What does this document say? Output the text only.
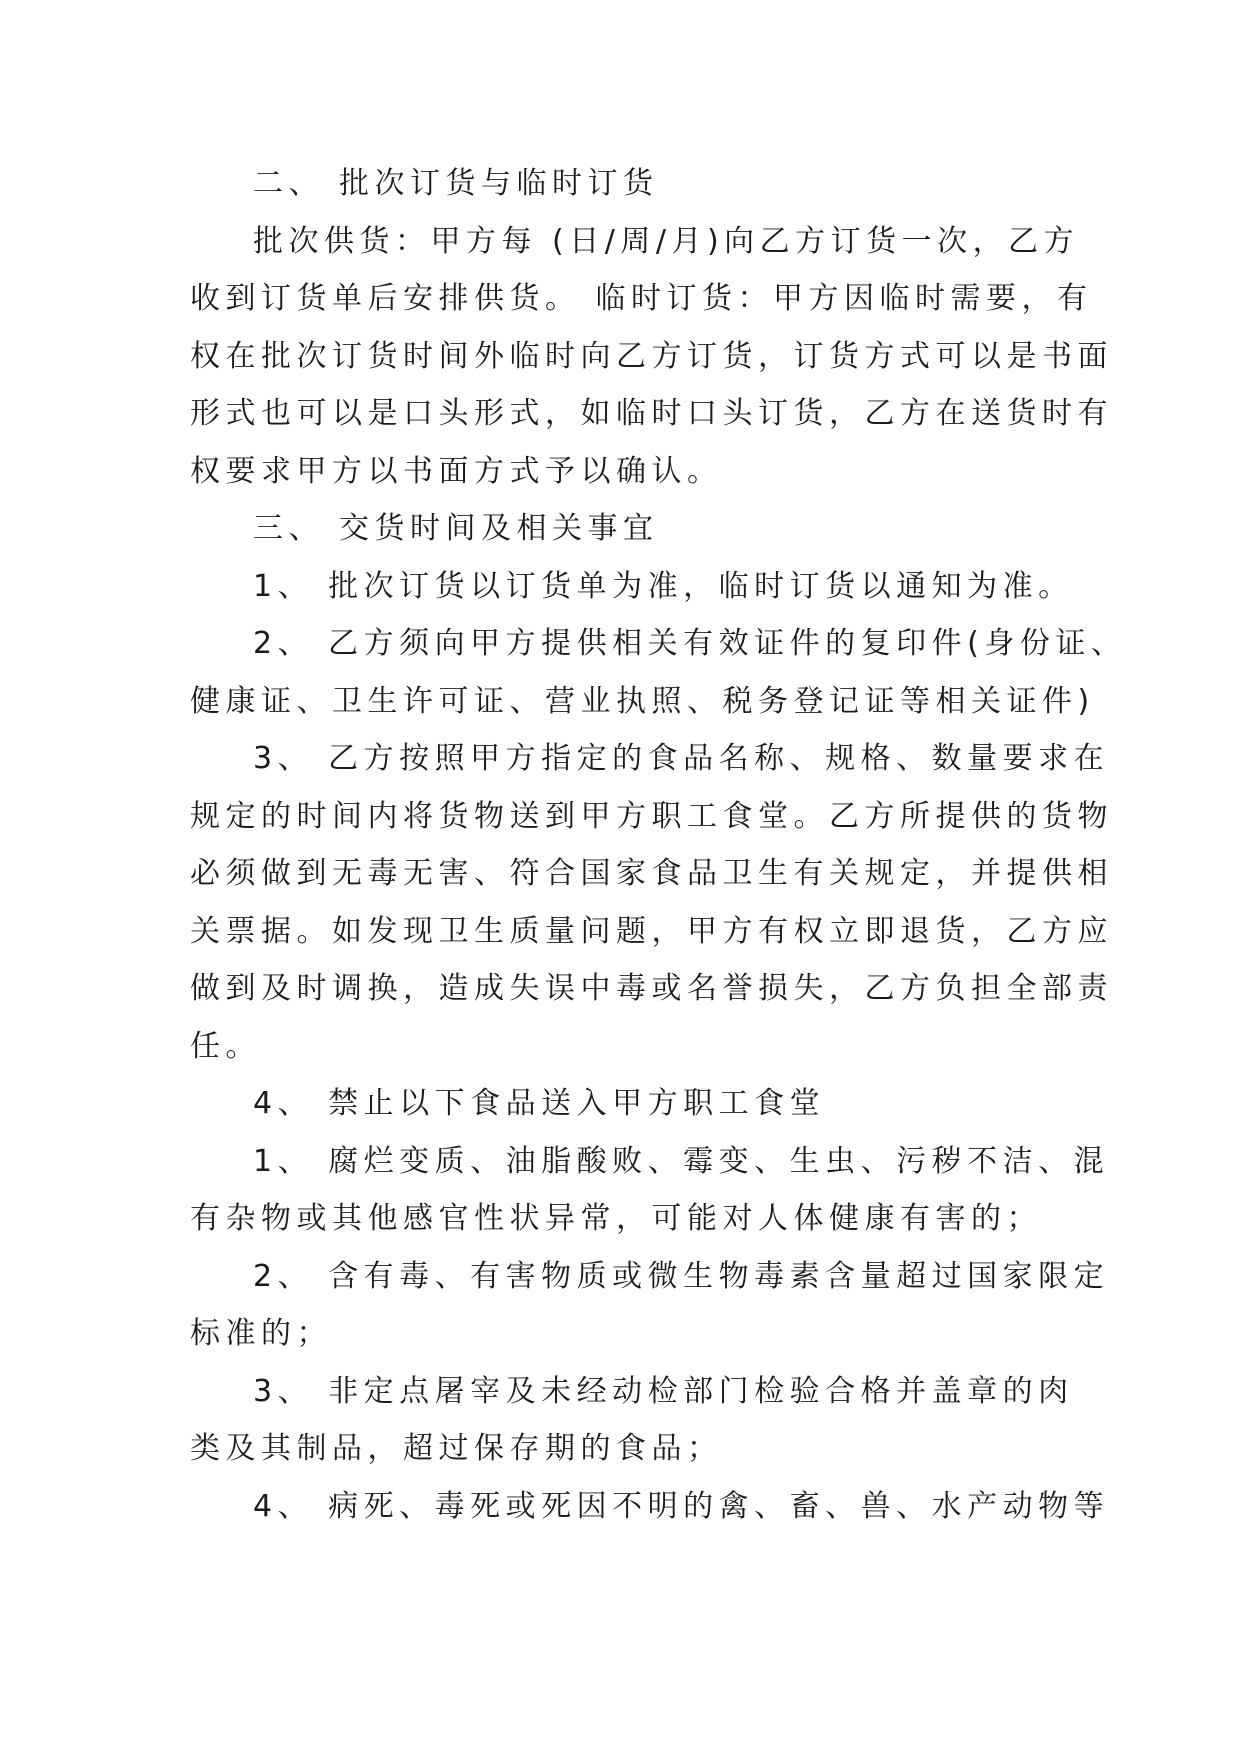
二、 批次订货与临时订货

批次供货：甲方每 (日/周/月)向乙方订货一次，乙方

收到订货单后安排供货。 临时订货：甲方因临时需要，有

权在批次订货时间外临时向乙方订货，订货方式可以是书面

形式也可以是口头形式，如临时口头订货，乙方在送货时有

权要求甲方以书面方式予以确认。

三、 交货时间及相关事宜

1、 批次订货以订货单为准，临时订货以通知为准。

2、 乙方须向甲方提供相关有效证件的复印件(身份证、

健康证、卫生许可证、营业执照、税务登记证等相关证件)

3、 乙方按照甲方指定的食品名称、规格、数量要求在

规定的时间内将货物送到甲方职工食堂。乙方所提供的货物

必须做到无毒无害、符合国家食品卫生有关规定，并提供相

关票据。如发现卫生质量问题，甲方有权立即退货，乙方应

做到及时调换，造成失误中毒或名誉损失，乙方负担全部责

任。

4、 禁止以下食品送入甲方职工食堂

1、 腐烂变质、油脂酸败、霉变、生虫、污秽不洁、混

有杂物或其他感官性状异常，可能对人体健康有害的；

2、 含有毒、有害物质或微生物毒素含量超过国家限定

标准的；

3、 非定点屠宰及未经动检部门检验合格并盖章的肉

类及其制品，超过保存期的食品；

4、 病死、毒死或死因不明的禽、畜、兽、水产动物等
